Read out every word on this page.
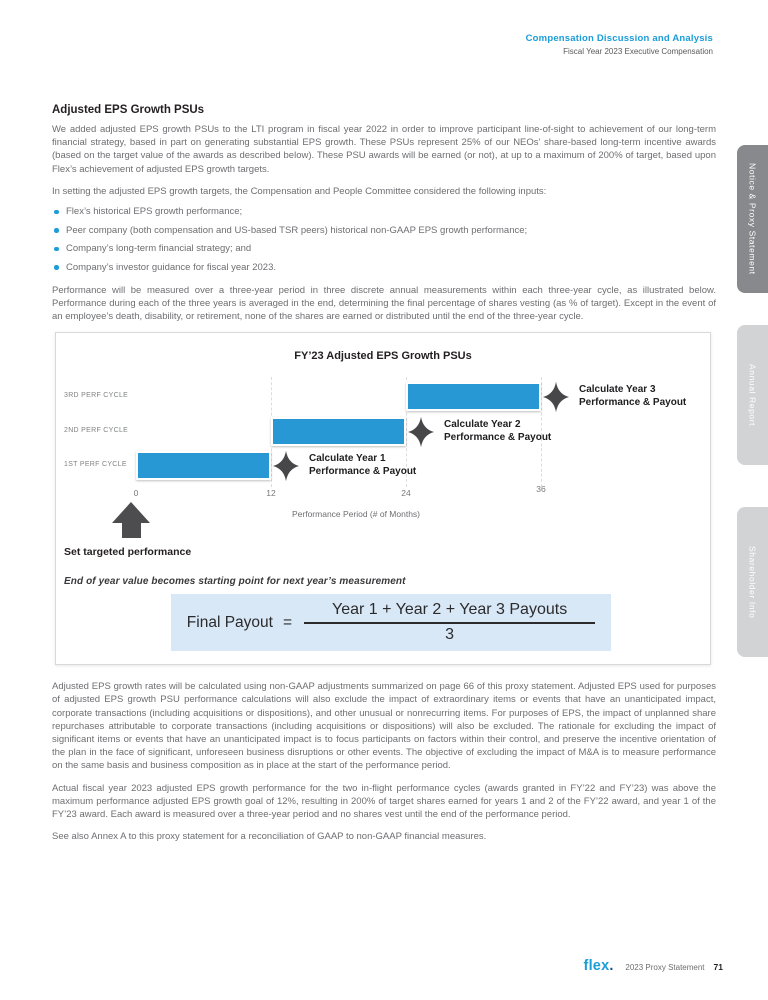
Compensation Discussion and Analysis
Fiscal Year 2023 Executive Compensation
Notice & Proxy Statement
Annual Report
Shareholder Info
Adjusted EPS Growth PSUs

We added adjusted EPS growth PSUs to the LTI program in fiscal year 2022 in order to improve participant line-of-sight to achievement of our long-term financial strategy, based in part on generating substantial EPS growth. These PSUs represent 25% of our NEOs’ share-based long-term incentive awards (based on the target value of the awards as described below). These PSU awards will be earned (or not), at up to a maximum of 200% of target, based upon Flex’s achievement of adjusted EPS growth targets.

In setting the adjusted EPS growth targets, the Compensation and People Committee considered the following inputs:

Flex’s historical EPS growth performance;
Peer company (both compensation and US-based TSR peers) historical non-GAAP EPS growth performance;
Company’s long-term financial strategy; and
Company’s investor guidance for fiscal year 2023.

Performance will be measured over a three-year period in three discrete annual measurements within each three-year cycle, as illustrated below. Performance during each of the three years is averaged in the end, determining the final percentage of shares vesting (as % of target). Except in the event of an employee’s death, disability, or retirement, none of the shares are earned or distributed until the end of the three-year cycle.

FY’23 Adjusted EPS Growth PSUs
3RD PERF CYCLE
2ND PERF CYCLE
1ST PERF CYCLE
Calculate Year 3
Performance & Payout
Calculate Year 2
Performance & Payout
Calculate Year 1
Performance & Payout
0	12	24	36
Performance Period (# of Months)
Set targeted performance
End of year value becomes starting point for next year’s measurement
Final Payout = $\frac{\text{Year 1 + Year 2 + Year 3 Payouts}}{3}$

Adjusted EPS growth rates will be calculated using non-GAAP adjustments summarized on page 66 of this proxy statement. Adjusted EPS used for purposes of adjusted EPS growth PSU performance calculations will also exclude the impact of extraordinary items or events that have an unanticipated impact, corporate transactions (including acquisitions or dispositions), and other unusual or nonrecurring items. For purposes of EPS, the impact of unplanned share repurchases attributable to corporate transactions (including acquisitions or dispositions) will also be excluded. The rationale for excluding the impact of significant items or events that have an unanticipated impact is to focus participants on factors within their control, and preserve the incentive orientation of the plan in the face of significant, unforeseen business disruptions or other events. The objective of excluding the impact of M&A is to measure performance on the same basis and business composition as in place at the start of the performance period.

Actual fiscal year 2023 adjusted EPS growth performance for the two in-flight performance cycles (awards granted in FY’22 and FY’23) was above the maximum performance adjusted EPS growth goal of 12%, resulting in 200% of target shares earned for years 1 and 2 of the FY’22 award, and year 1 of the FY’23 award. Each award is measured over a three-year period and no shares vest until the end of the performance period.

See also Annex A to this proxy statement for a reconciliation of GAAP to non-GAAP financial measures.

flex. 2023 Proxy Statement 71
